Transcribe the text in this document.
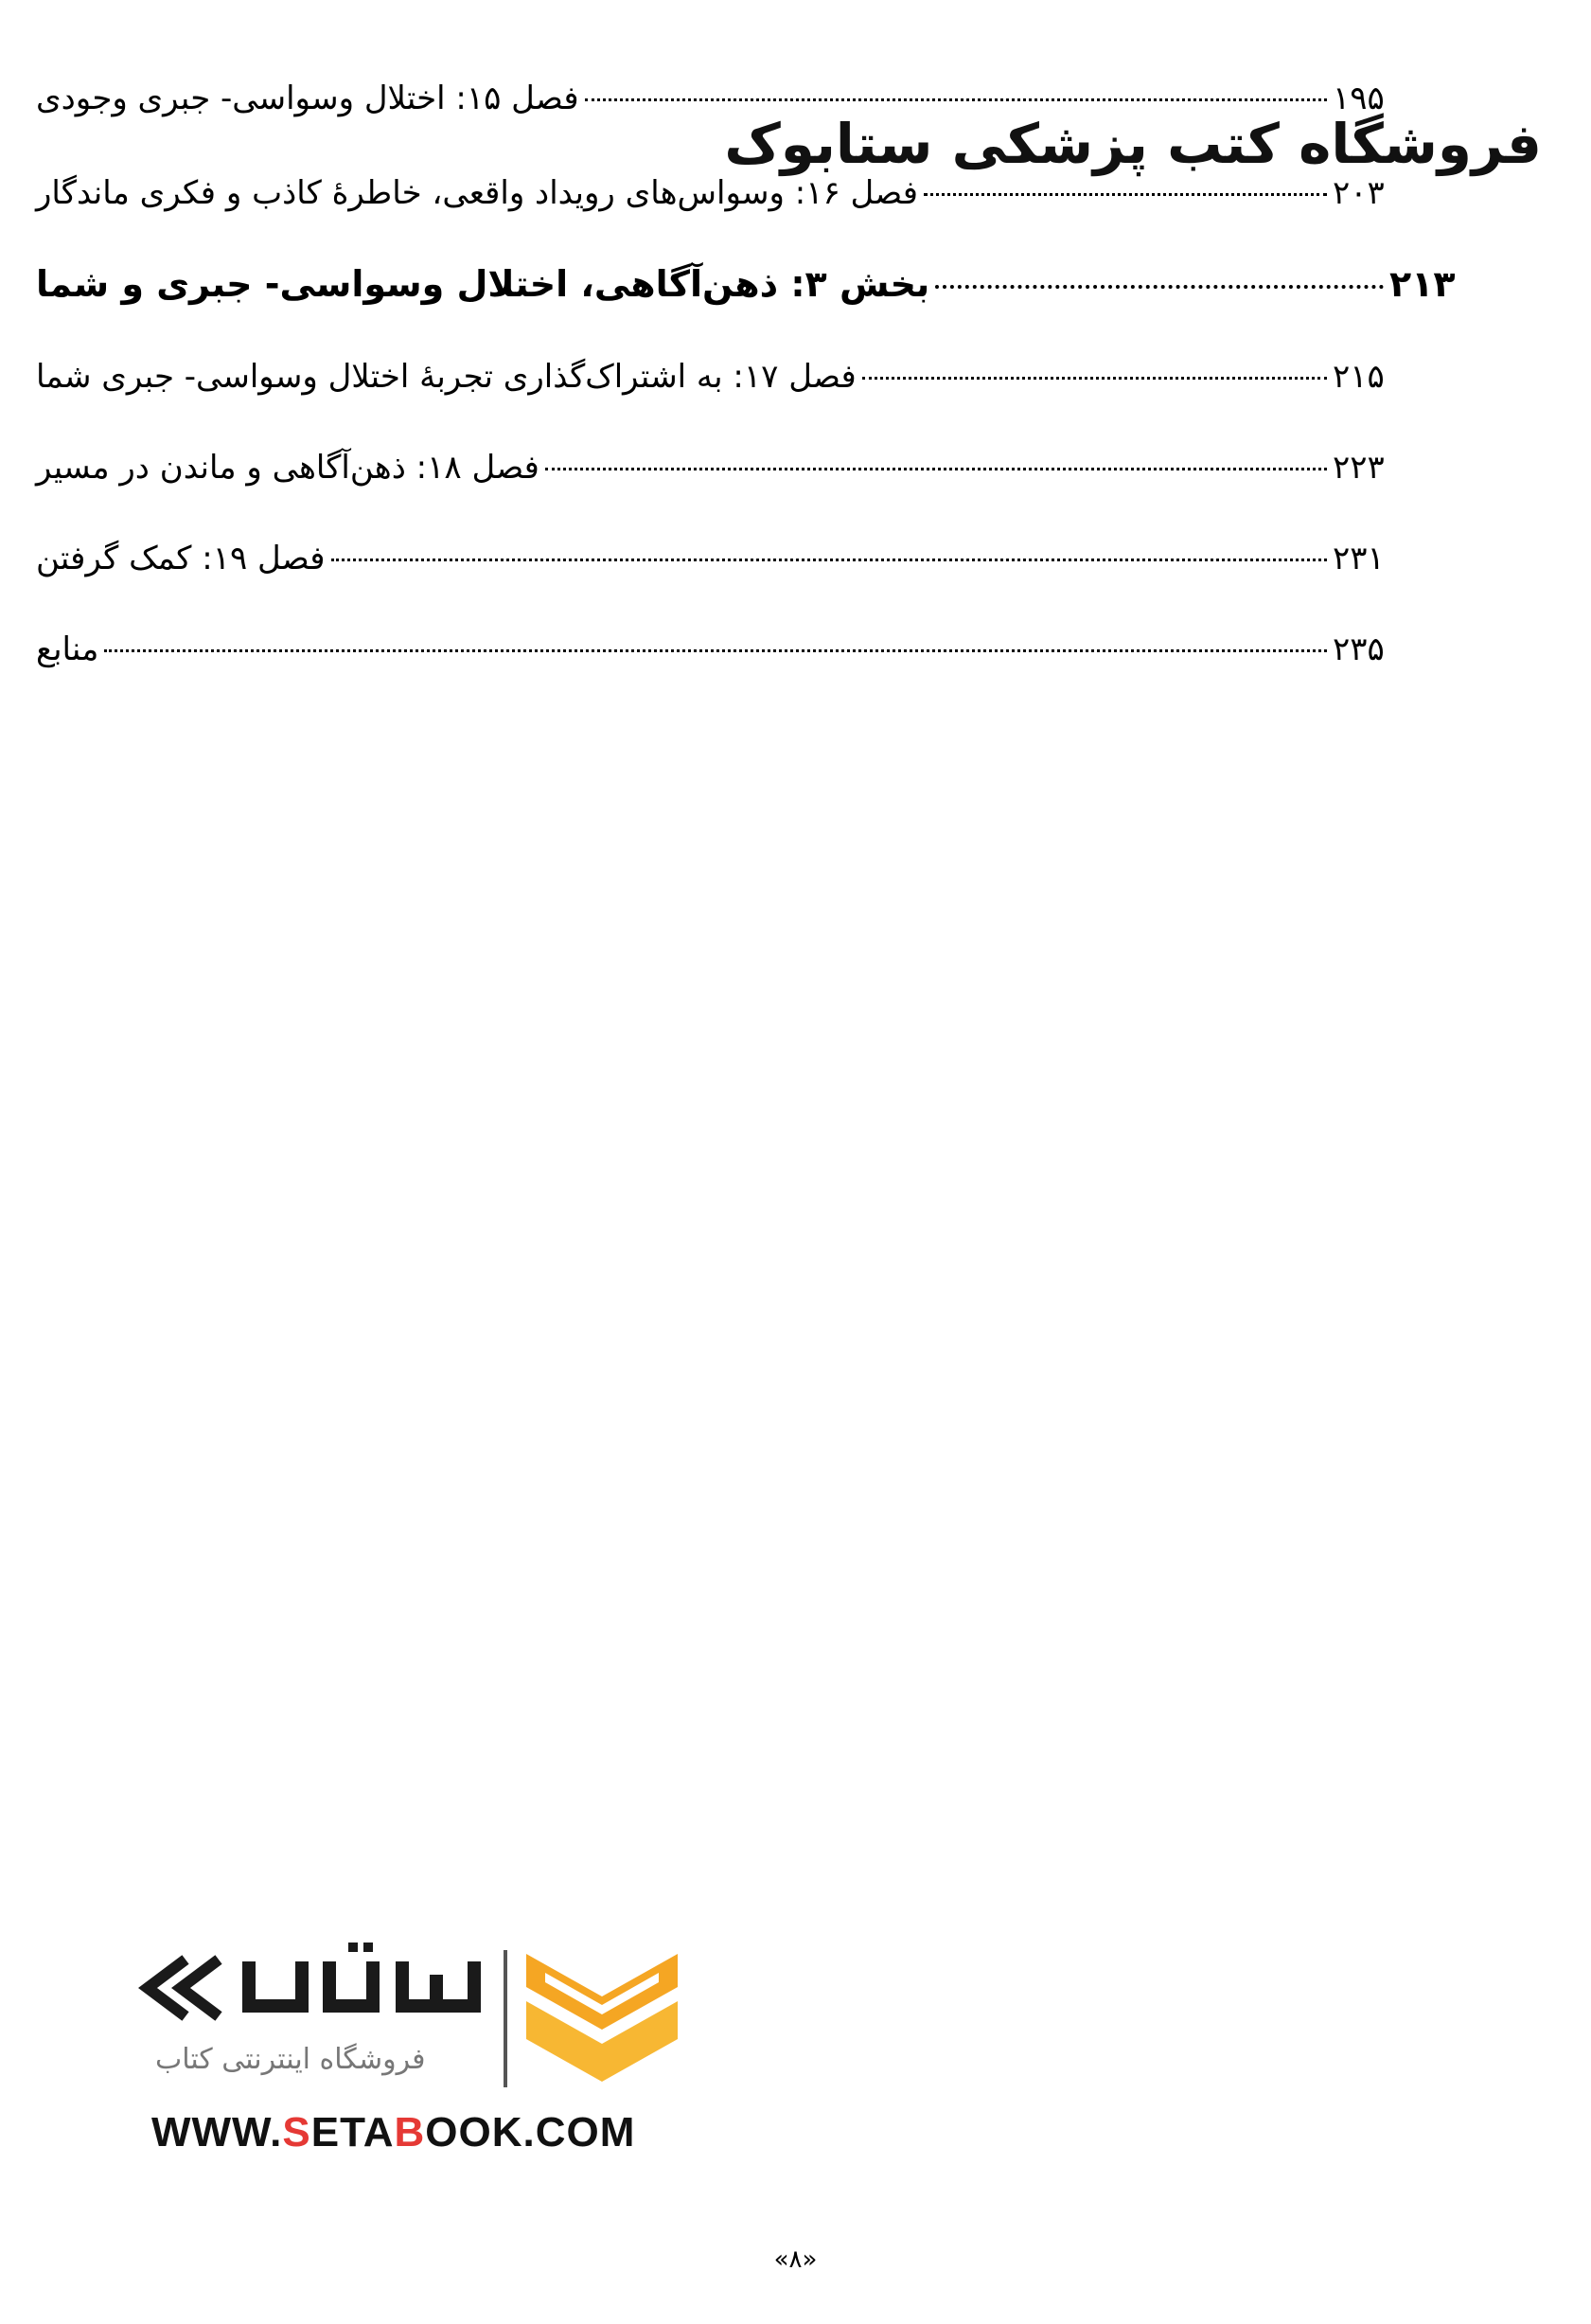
فصل ۱۵: اختلال وسواسی- جبری وجودی	۱۹۵
فصل ۱۶: وسواس‌های رویداد واقعی، خاطرهٔ کاذب و فکری ماندگار	۲۰۳
بخش ۳: ذهن‌آگاهی، اختلال وسواسی- جبری و شما	۲۱۳
فصل ۱۷: به اشتراک‌گذاری تجربهٔ اختلال وسواسی- جبری شما	۲۱۵
فصل ۱۸: ذهن‌آگاهی و ماندن در مسیر	۲۲۳
فصل ۱۹: کمک گرفتن	۲۳۱
منابع	۲۳۵
فروشگاه کتب پزشکی ستابوک
فروشگاه اینترنتی کتاب
WWW.SETABOOK.COM
«۸»
